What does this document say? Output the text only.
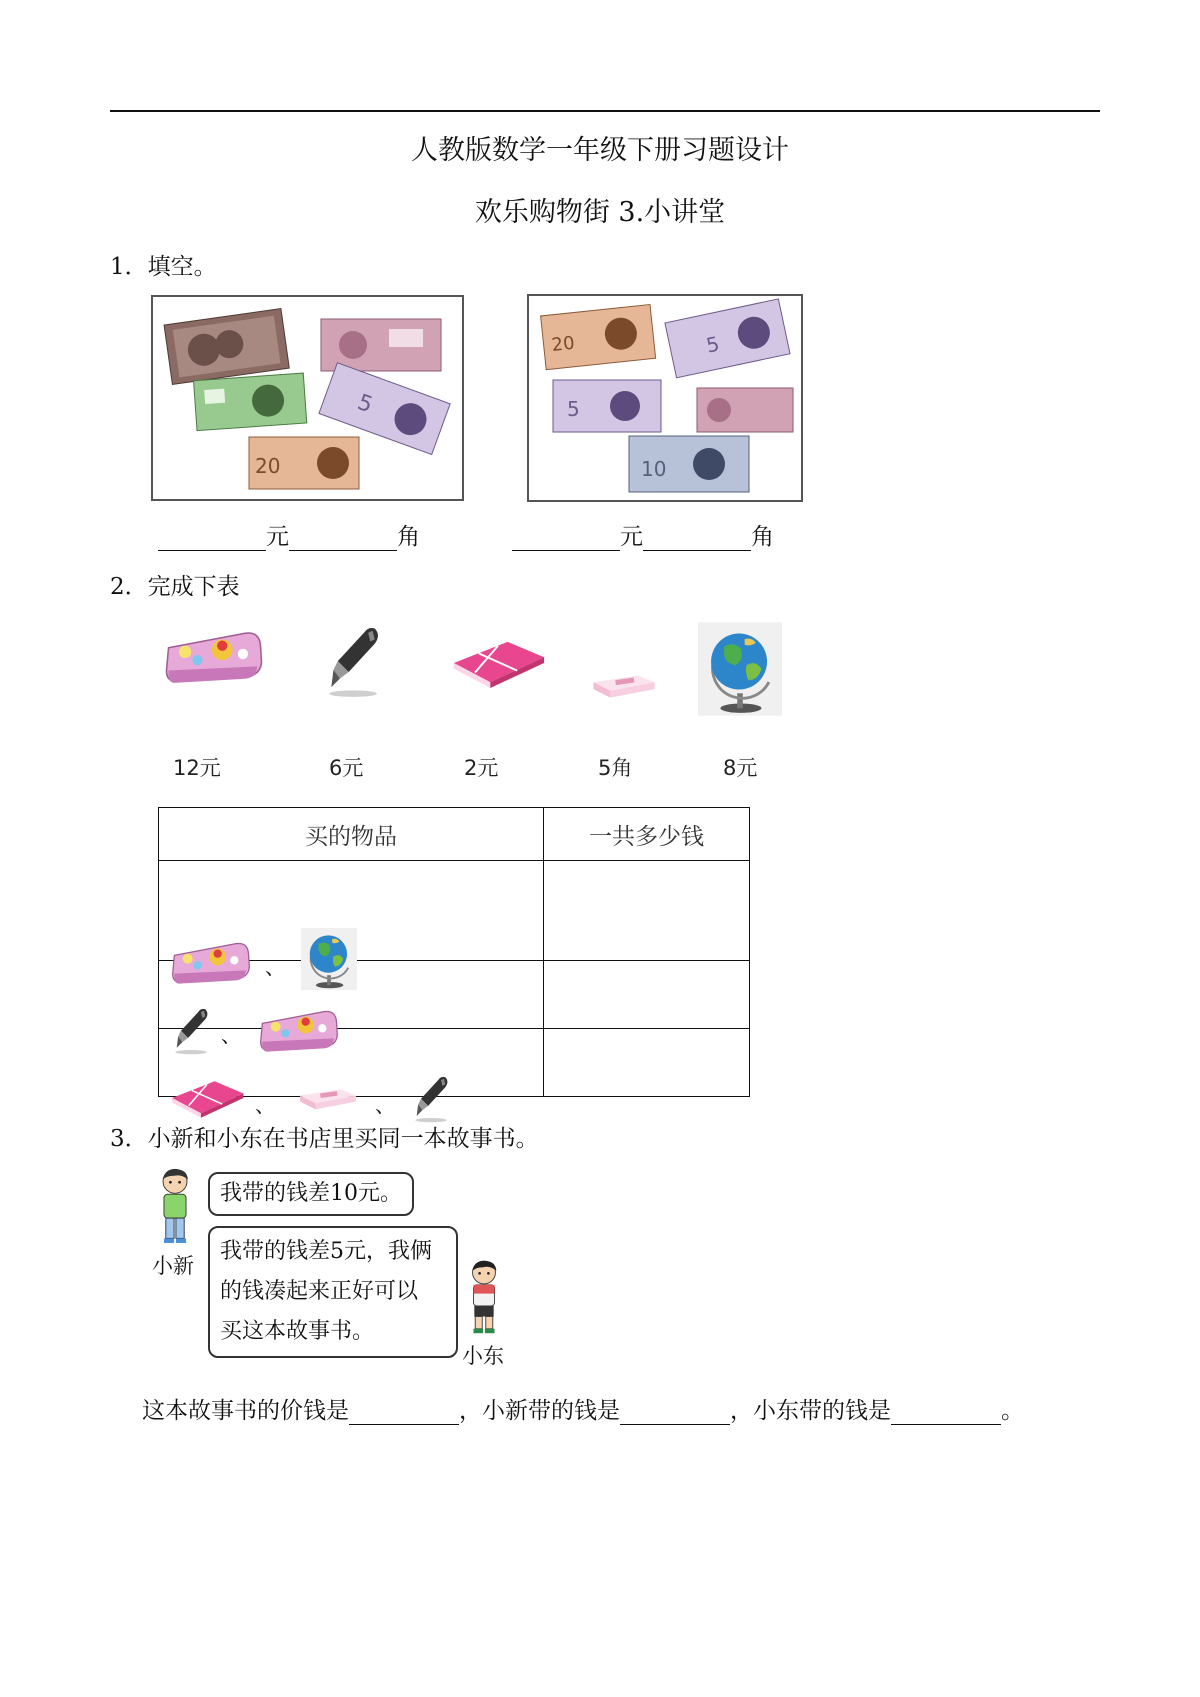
人教版数学一年级下册习题设计
欢乐购物街 3.小讲堂
1．填空。
5
20
20	5
5
10
元	角	元	角
2．完成下表
12元	6元	2元	5角	8元
买的物品	一共多少钱

、	

、	

、 、	

3．小新和小东在书店里买同一本故事书。
小新
我带的钱差10元。
我带的钱差5元，我俩
的钱凑起来正好可以
买这本故事书。
小东
这本故事书的价钱是	，小新带的钱是	，小东带的钱是	。
